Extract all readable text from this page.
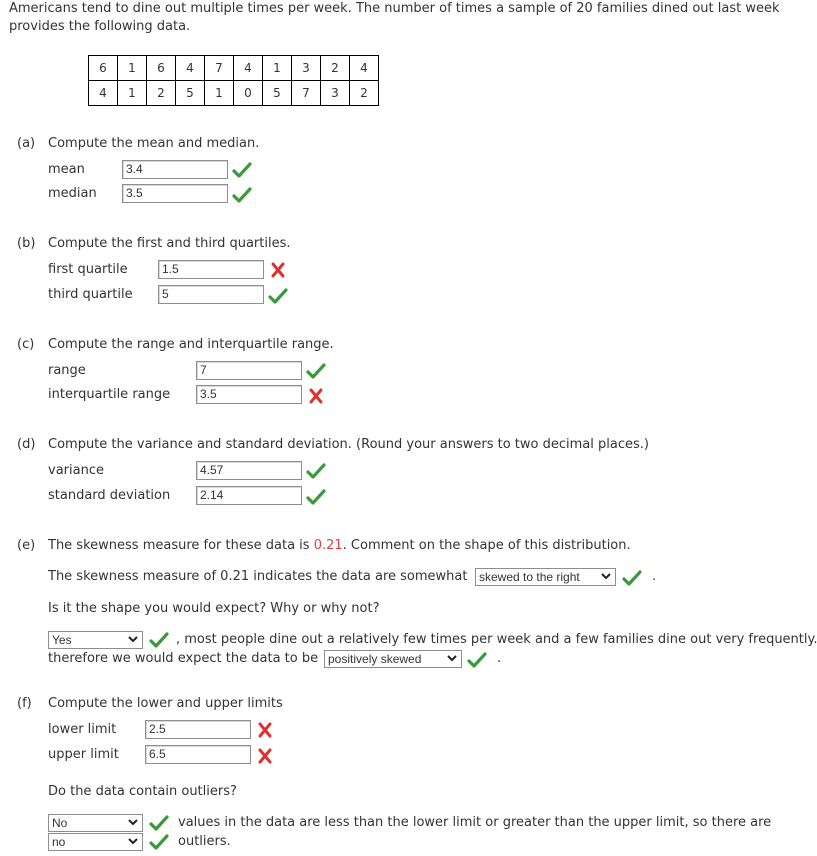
Americans tend to dine out multiple times per week. The number of times a sample of 20 families dined out last week
provides the following data.
6	1	6	4	7	4	1	3	2	4
4	1	2	5	1	0	5	7	3	2
(a) Compute the mean and median.
mean	3.4
median	3.5
(b) Compute the first and third quartiles.
first quartile	1.5
third quartile	5
(c) Compute the range and interquartile range.
range	7
interquartile range	3.5
(d) Compute the variance and standard deviation. (Round your answers to two decimal places.)
variance	4.57
standard deviation	2.14
(e) The skewness measure for these data is 0.21. Comment on the shape of this distribution.
The skewness measure of 0.21 indicates the data are somewhat skewed to the right	.
Is it the shape you would expect? Why or why not?
Yes	, most people dine out a relatively few times per week and a few families dine out very frequently.
therefore we would expect the data to be positively skewed	.
(f) Compute the lower and upper limits
lower limit	2.5
upper limit	6.5
Do the data contain outliers?
No
no
values in the data are less than the lower limit or greater than the upper limit, so there are
outliers.
